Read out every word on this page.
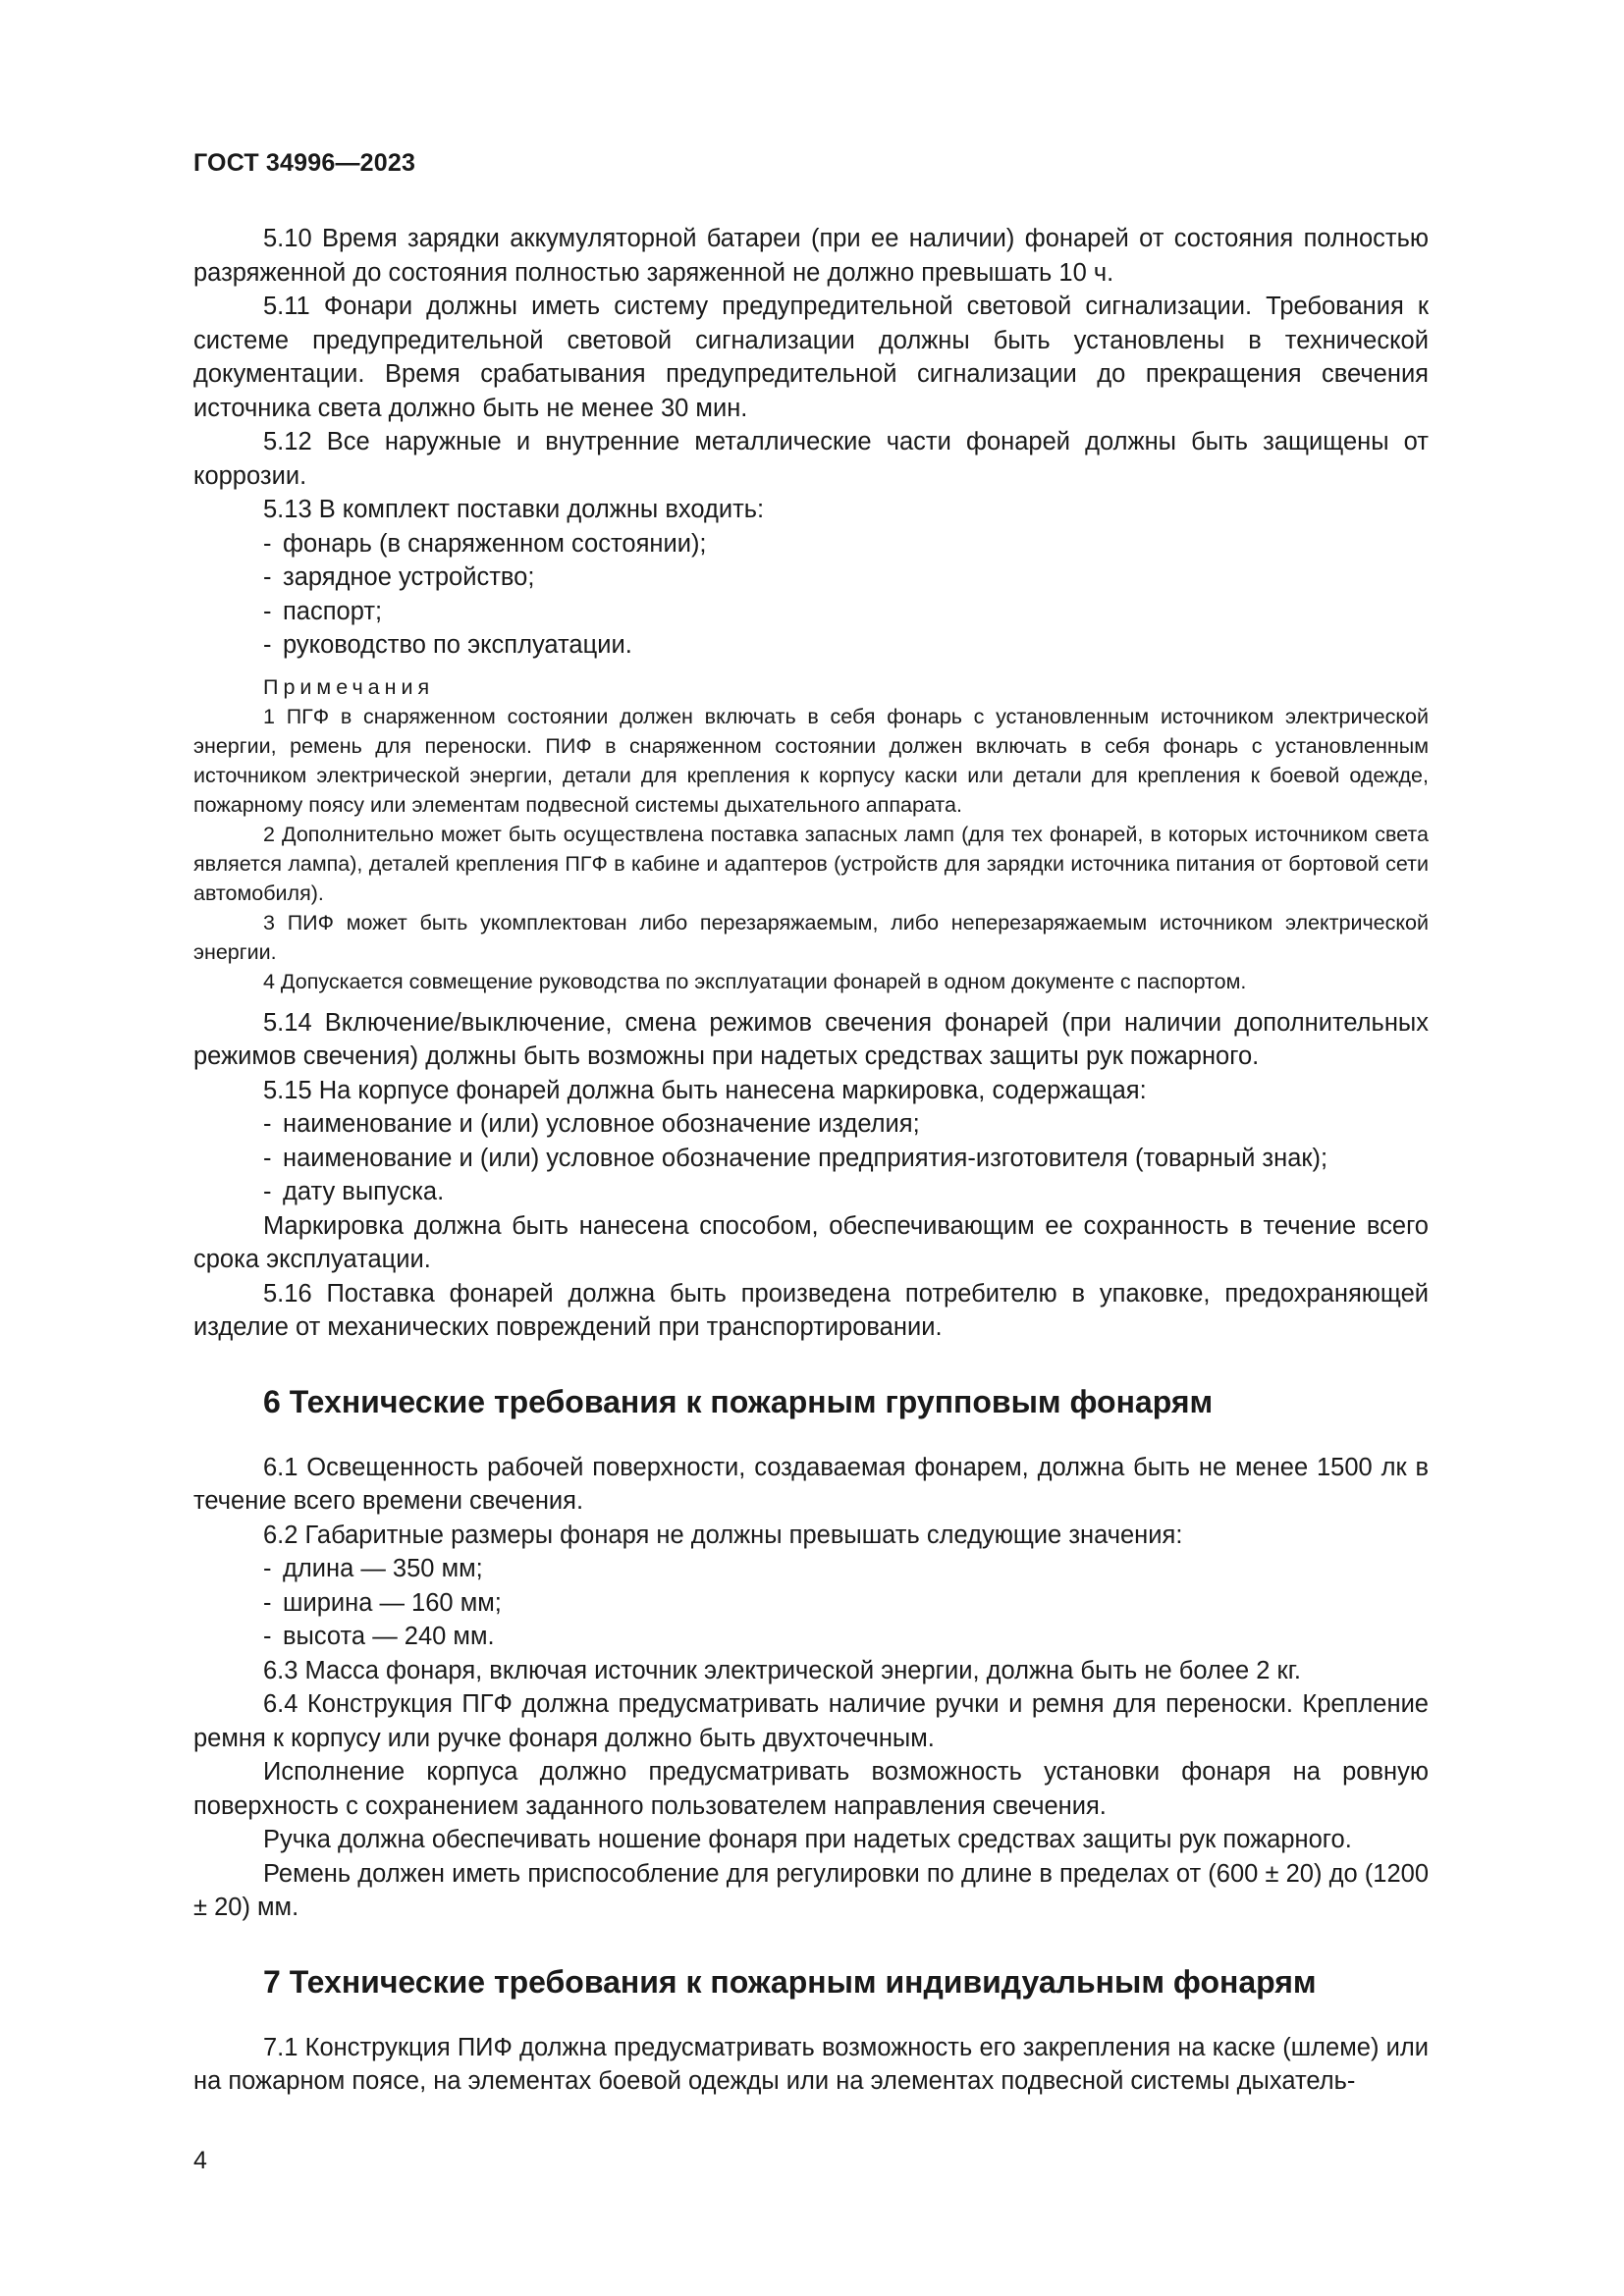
ГОСТ 34996—2023

5.10 Время зарядки аккумуляторной батареи (при ее наличии) фонарей от состояния полностью разряженной до состояния полностью заряженной не должно превышать 10 ч.

5.11 Фонари должны иметь систему предупредительной световой сигнализации. Требования к системе предупредительной световой сигнализации должны быть установлены в технической документации. Время срабатывания предупредительной сигнализации до прекращения свечения источника света должно быть не менее 30 мин.

5.12 Все наружные и внутренние металлические части фонарей должны быть защищены от коррозии.

5.13 В комплект поставки должны входить:

- фонарь (в снаряженном состоянии);

- зарядное устройство;

- паспорт;

- руководство по эксплуатации.

Примечания

1 ПГФ в снаряженном состоянии должен включать в себя фонарь с установленным источником электрической энергии, ремень для переноски. ПИФ в снаряженном состоянии должен включать в себя фонарь с установленным источником электрической энергии, детали для крепления к корпусу каски или детали для крепления к боевой одежде, пожарному поясу или элементам подвесной системы дыхательного аппарата.

2 Дополнительно может быть осуществлена поставка запасных ламп (для тех фонарей, в которых источником света является лампа), деталей крепления ПГФ в кабине и адаптеров (устройств для зарядки источника питания от бортовой сети автомобиля).

3 ПИФ может быть укомплектован либо перезаряжаемым, либо неперезаряжаемым источником электрической энергии.

4 Допускается совмещение руководства по эксплуатации фонарей в одном документе с паспортом.

5.14 Включение/выключение, смена режимов свечения фонарей (при наличии дополнительных режимов свечения) должны быть возможны при надетых средствах защиты рук пожарного.

5.15 На корпусе фонарей должна быть нанесена маркировка, содержащая:

- наименование и (или) условное обозначение изделия;

- наименование и (или) условное обозначение предприятия-изготовителя (товарный знак);

- дату выпуска.

Маркировка должна быть нанесена способом, обеспечивающим ее сохранность в течение всего срока эксплуатации.

5.16 Поставка фонарей должна быть произведена потребителю в упаковке, предохраняющей изделие от механических повреждений при транспортировании.

6 Технические требования к пожарным групповым фонарям

6.1 Освещенность рабочей поверхности, создаваемая фонарем, должна быть не менее 1500 лк в течение всего времени свечения.

6.2 Габаритные размеры фонаря не должны превышать следующие значения:

- длина — 350 мм;

- ширина — 160 мм;

- высота — 240 мм.

6.3 Масса фонаря, включая источник электрической энергии, должна быть не более 2 кг.

6.4 Конструкция ПГФ должна предусматривать наличие ручки и ремня для переноски. Крепление ремня к корпусу или ручке фонаря должно быть двухточечным.

Исполнение корпуса должно предусматривать возможность установки фонаря на ровную поверхность с сохранением заданного пользователем направления свечения.

Ручка должна обеспечивать ношение фонаря при надетых средствах защиты рук пожарного.

Ремень должен иметь приспособление для регулировки по длине в пределах от (600 ± 20) до (1200 ± 20) мм.

7 Технические требования к пожарным индивидуальным фонарям

7.1 Конструкция ПИФ должна предусматривать возможность его закрепления на каске (шлеме) или на пожарном поясе, на элементах боевой одежды или на элементах подвесной системы дыхатель-

4
